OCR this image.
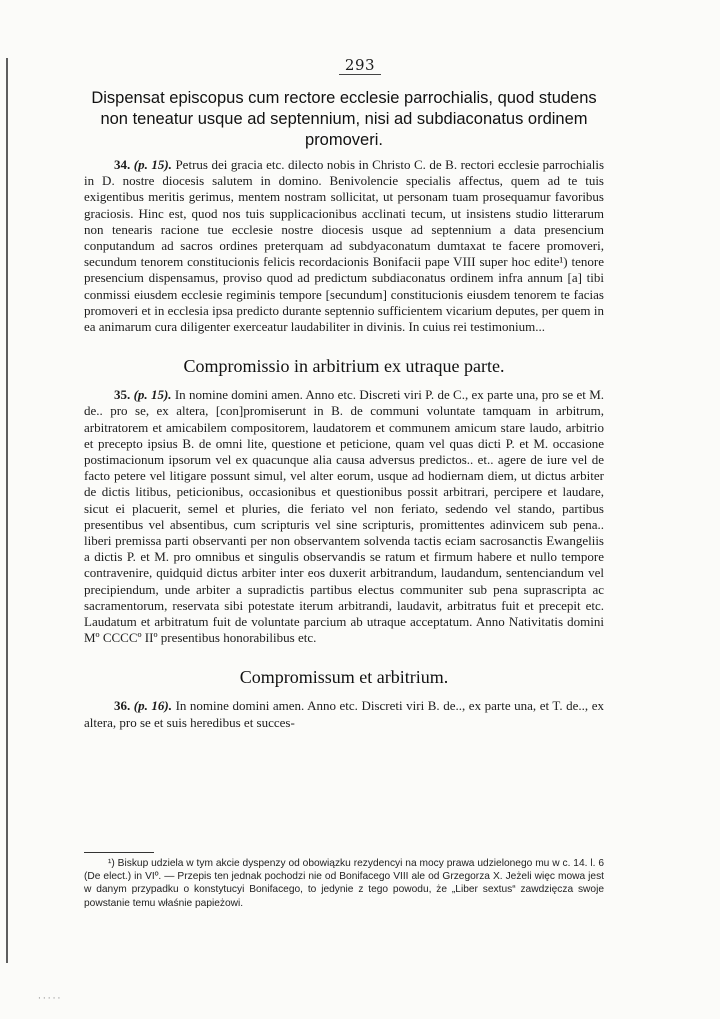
293

Dispensat episcopus cum rectore ecclesie parrochialis, quod studens non teneatur usque ad septennium, nisi ad subdiaconatus ordinem promoveri.

34. (p. 15). Petrus dei gracia etc. dilecto nobis in Christo C. de B. rectori ecclesie parrochialis in D. nostre diocesis salutem in domino. Benivolencie specialis affectus, quem ad te tuis exigentibus meritis gerimus, mentem nostram sollicitat, ut personam tuam prosequamur favoribus graciosis. Hinc est, quod nos tuis supplicacionibus acclinati tecum, ut insistens studio litterarum non tenearis racione tue ecclesie nostre diocesis usque ad septennium a data presencium conputandum ad sacros ordines preterquam ad subdyaconatum dumtaxat te facere promoveri, secundum tenorem constitucionis felicis recordacionis Bonifacii pape VIII super hoc edite¹) tenore presencium dispensamus, proviso quod ad predictum subdiaconatus ordinem infra annum [a] tibi conmissi eiusdem ecclesie regiminis tempore [secundum] constitucionis eiusdem tenorem te facias promoveri et in ecclesia ipsa predicto durante septennio sufficientem vicarium deputes, per quem in ea animarum cura diligenter exerceatur laudabiliter in divinis. In cuius rei testimonium...

Compromissio in arbitrium ex utraque parte.

35. (p. 15). In nomine domini amen. Anno etc. Discreti viri P. de C., ex parte una, pro se et M. de.. pro se, ex altera, [con]promiserunt in B. de communi voluntate tamquam in arbitrum, arbitratorem et amicabilem compositorem, laudatorem et communem amicum stare laudo, arbitrio et precepto ipsius B. de omni lite, questione et peticione, quam vel quas dicti P. et M. occasione postimacionum ipsorum vel ex quacunque alia causa adversus predictos.. et.. agere de iure vel de facto petere vel litigare possunt simul, vel alter eorum, usque ad hodiernam diem, ut dictus arbiter de dictis litibus, peticionibus, occasionibus et questionibus possit arbitrari, percipere et laudare, sicut ei placuerit, semel et pluries, die feriato vel non feriato, sedendo vel stando, partibus presentibus vel absentibus, cum scripturis vel sine scripturis, promittentes adinvicem sub pena.. liberi premissa parti observanti per non observantem solvenda tactis eciam sacrosanctis Ewangeliis a dictis P. et M. pro omnibus et singulis observandis se ratum et firmum habere et nullo tempore contravenire, quidquid dictus arbiter inter eos duxerit arbitrandum, laudandum, sentenciandum vel precipiendum, unde arbiter a supradictis partibus electus communiter sub pena suprascripta ac sacramentorum, reservata sibi potestate iterum arbitrandi, laudavit, arbitratus fuit et precepit etc. Laudatum et arbitratum fuit de voluntate parcium ab utraque acceptatum. Anno Nativitatis domini Mº CCCCº IIº presentibus honorabilibus etc.

Compromissum et arbitrium.

36. (p. 16). In nomine domini amen. Anno etc. Discreti viri B. de.., ex parte una, et T. de.., ex altera, pro se et suis heredibus et succes-

¹) Biskup udziela w tym akcie dyspenzy od obowiązku rezydencyi na mocy prawa udzielonego mu w c. 14. l. 6 (De elect.) in VIº. — Przepis ten jednak pochodzi nie od Bonifacego VIII ale od Grzegorza X. Jeżeli więc mowa jest w danym przypadku o konstytucyi Bonifacego, to jedynie z tego powodu, że „Liber sextus“ zawdzięcza swoje powstanie temu właśnie papieżowi.

·····
